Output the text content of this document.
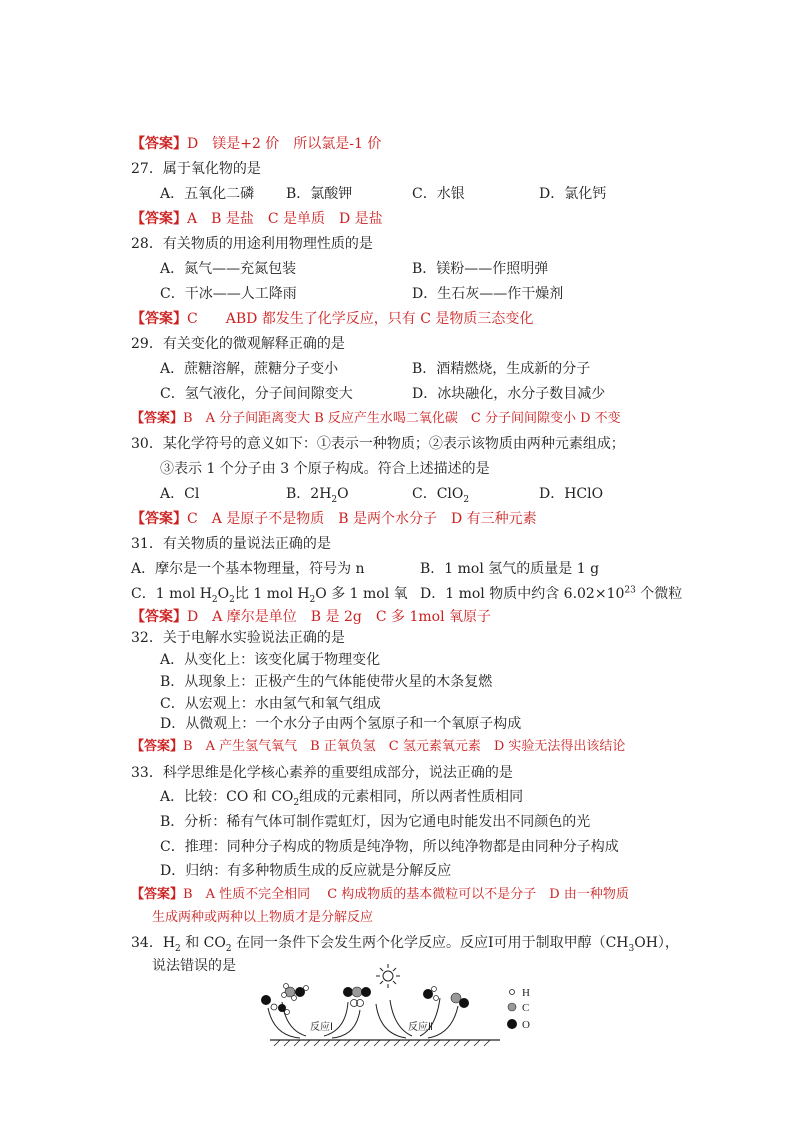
【答案】D　镁是+2 价　所以氯是-1 价
27．属于氧化物的是
A．五氧化二磷 B．氯酸钾	C．水银	D．氯化钙
【答案】A　B 是盐　C 是单质　D 是盐
28．有关物质的用途利用物理性质的是
A．氮气——充氮包装	B．镁粉——作照明弹
C．干冰——人工降雨	D．生石灰——作干燥剂
【答案】C　　ABD 都发生了化学反应，只有 C 是物质三态变化
29．有关变化的微观解释正确的是
A．蔗糖溶解，蔗糖分子变小	B．酒精燃烧，生成新的分子
C．氢气液化，分子间间隙变大	D．冰块融化，水分子数目减少
【答案】B　A 分子间距离变大 B 反应产生水喝二氧化碳　C 分子间间隙变小 D 不变
30．某化学符号的意义如下：①表示一种物质；②表示该物质由两种元素组成；
③表示 1 个分子由 3 个原子构成。符合上述描述的是
A．Cl	B．$2H_2O$	C．ClO$_2$	D．HClO
【答案】C　A 是原子不是物质　B 是两个水分子　D 有三种元素
31．有关物质的量说法正确的是
A．摩尔是一个基本物理量，符号为 n	B．1 mol 氢气的质量是 1 g
C．1 mol $H_2O_2$比 1 mol $H_2O$ 多 1 mol 氧 D．1 mol 物质中约含 $6.02\times 10^{23}$ 个微粒
【答案】D　A 摩尔是单位　B 是 2g　C 多 1mol 氧原子
32．关于电解水实验说法正确的是
A．从变化上：该变化属于物理变化
B．从现象上：正极产生的气体能使带火星的木条复燃
C．从宏观上：水由氢气和氧气组成
D．从微观上：一个水分子由两个氢原子和一个氧原子构成
【答案】B　A 产生氢气氧气　B 正氧负氢　C 氢元素氧元素　D 实验无法得出该结论
33．科学思维是化学核心素养的重要组成部分，说法正确的是
A．比较：CO 和 $CO_2$组成的元素相同，所以两者性质相同
B．分析：稀有气体可制作霓虹灯，因为它通电时能发出不同颜色的光
C．推理：同种分子构成的物质是纯净物，所以纯净物都是由同种分子构成
D．归纳：有多种物质生成的反应就是分解反应
【答案】B　A 性质不完全相同　 C 构成物质的基本微粒可以不是分子　D 由一种物质
生成两种或两种以上物质才是分解反应
34．$H_2$ 和 $CO_2$ 在同一条件下会发生两个化学反应。反应Ⅰ可用于制取甲醇$(CH_3OH)$，
说法错误的是
反应Ⅰ	反应Ⅱ
H
C
O
